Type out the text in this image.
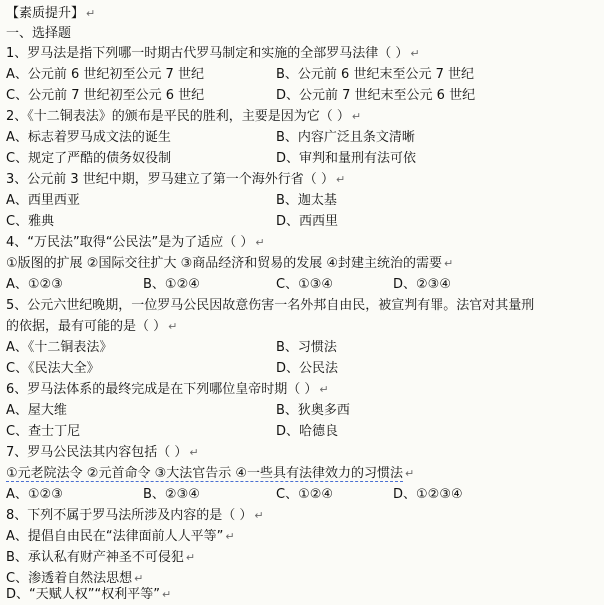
【素质提升】 ↵
一、选择题
1、罗马法是指下列哪一时期古代罗马制定和实施的全部罗马法律（ ） ↵
A、公元前 6 世纪初至公元 7 世纪	B、公元前 6 世纪末至公元 7 世纪
C、公元前 7 世纪初至公元 6 世纪	D、公元前 7 世纪末至公元 6 世纪
2、《十二铜表法》的颁布是平民的胜利，主要是因为它（ ） ↵
A、标志着罗马成文法的诞生	B、内容广泛且条文清晰
C、规定了严酷的债务奴役制	D、审判和量刑有法可依
3、公元前 3 世纪中期，罗马建立了第一个海外行省（ ） ↵
A、西里西亚	B、迦太基
C、雅典	D、西西里
4、“万民法”取得“公民法”是为了适应（ ） ↵
①版图的扩展 ②国际交往扩大 ③商品经济和贸易的发展 ④封建主统治的需要 ↵
A、①②③	B、①②④	C、①③④	D、②③④
5、公元六世纪晚期，一位罗马公民因故意伤害一名外邦自由民，被宣判有罪。法官对其量刑
的依据，最有可能的是（ ） ↵
A、《十二铜表法》	B、习惯法
C、《民法大全》	D、公民法
6、罗马法体系的最终完成是在下列哪位皇帝时期（ ） ↵
A、屋大维	B、狄奥多西
C、查士丁尼	D、哈德良
7、罗马公民法其内容包括（ ） ↵
①元老院法令 ②元首命令 ③大法官告示 ④一些具有法律效力的习惯法 ↵
A、①②③	B、②③④	C、①②④	D、①②③④
8、下列不属于罗马法所涉及内容的是（ ） ↵
A、提倡自由民在“法律面前人人平等” ↵
B、承认私有财产神圣不可侵犯 ↵
C、渗透着自然法思想 ↵
D、“天赋人权”“权利平等” ↵
